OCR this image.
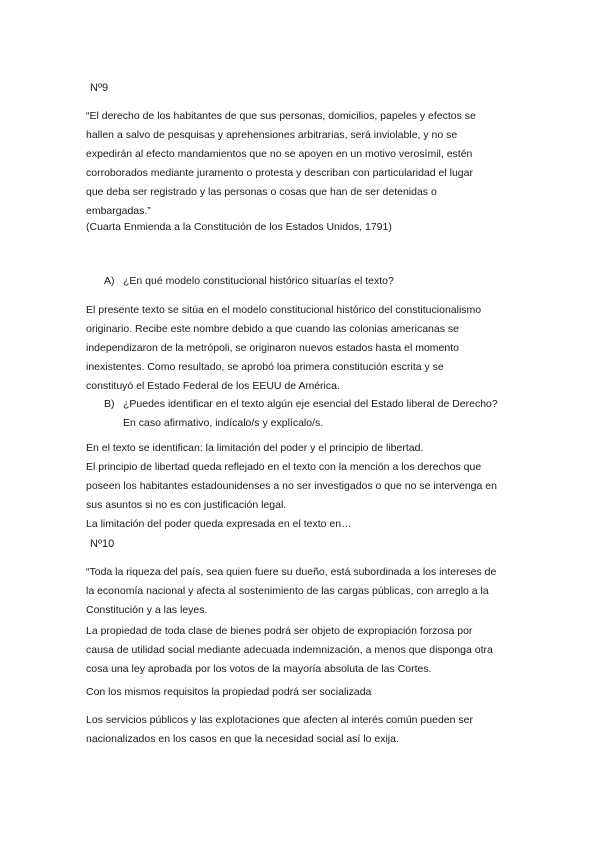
Nº9
“El derecho de los habitantes de que sus personas, domicilios, papeles y efectos se
hallen a salvo de pesquisas y aprehensiones arbitrarias, será inviolable, y no se
expedirán al efecto mandamientos que no se apoyen en un motivo verosímil, estén
corroborados mediante juramento o protesta y describan con particularidad el lugar
que deba ser registrado y las personas o cosas que han de ser detenidas o
embargadas.”
(Cuarta Enmienda a la Constitución de los Estados Unidos, 1791)
A) ¿En qué modelo constitucional histórico situarías el texto?
El presente texto se sitúa en el modelo constitucional histórico del constitucionalismo
originario. Recibe este nombre debido a que cuando las colonias americanas se
independizaron de la metrópoli, se originaron nuevos estados hasta el momento
inexistentes. Como resultado, se aprobó loa primera constitución escrita y se
constituyó el Estado Federal de los EEUU de América.
B) ¿Puedes identificar en el texto algún eje esencial del Estado liberal de Derecho?
En caso afirmativo, indícalo/s y explícalo/s.
En el texto se identifican: la limitación del poder y el principio de libertad.
El principio de libertad queda reflejado en el texto con la mención a los derechos que
poseen los habitantes estadounidenses a no ser investigados o que no se intervenga en
sus asuntos si no es con justificación legal.
La limitación del poder queda expresada en el texto en…
Nº10
“Toda la riqueza del país, sea quien fuere su dueño, está subordinada a los intereses de
la economía nacional y afecta al sostenimiento de las cargas públicas, con arreglo a la
Constitución y a las leyes.
La propiedad de toda clase de bienes podrá ser objeto de expropiación forzosa por
causa de utilidad social mediante adecuada indemnización, a menos que disponga otra
cosa una ley aprobada por los votos de la mayoría absoluta de las Cortes.
Con los mismos requisitos la propiedad podrá ser socializada
Los servicios públicos y las explotaciones que afecten al interés común pueden ser
nacionalizados en los casos en que la necesidad social así lo exija.
